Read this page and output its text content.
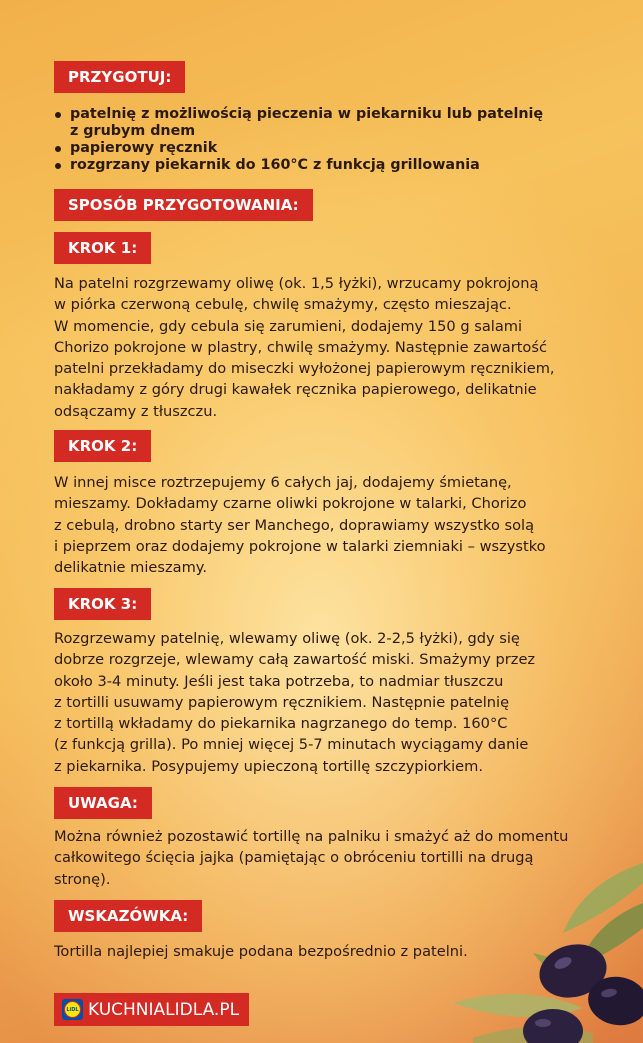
PRZYGOTUJ:
patelnię z możliwością pieczenia w piekarniku lub patelnię z grubym dnem
papierowy ręcznik
rozgrzany piekarnik do 160°C z funkcją grillowania
SPOSÓB PRZYGOTOWANIA:
KROK 1:
Na patelni rozgrzewamy oliwę (ok. 1,5 łyżki), wrzucamy pokrojoną
w piórka czerwoną cebulę, chwilę smażymy, często mieszając.
W momencie, gdy cebula się zarumieni, dodajemy 150 g salami
Chorizo pokrojone w plastry, chwilę smażymy. Następnie zawartość
patelni przekładamy do miseczki wyłożonej papierowym ręcznikiem,
nakładamy z góry drugi kawałek ręcznika papierowego, delikatnie
odsączamy z tłuszczu.
KROK 2:
W innej misce roztrzepujemy 6 całych jaj, dodajemy śmietanę,
mieszamy. Dokładamy czarne oliwki pokrojone w talarki, Chorizo
z cebulą, drobno starty ser Manchego, doprawiamy wszystko solą
i pieprzem oraz dodajemy pokrojone w talarki ziemniaki – wszystko
delikatnie mieszamy.
KROK 3:
Rozgrzewamy patelnię, wlewamy oliwę (ok. 2-2,5 łyżki), gdy się
dobrze rozgrzeje, wlewamy całą zawartość miski. Smażymy przez
około 3-4 minuty. Jeśli jest taka potrzeba, to nadmiar tłuszczu
z tortilli usuwamy papierowym ręcznikiem. Następnie patelnię
z tortillą wkładamy do piekarnika nagrzanego do temp. 160°C
(z funkcją grilla). Po mniej więcej 5-7 minutach wyciągamy danie
z piekarnika. Posypujemy upieczoną tortillę szczypiorkiem.
UWAGA:
Można również pozostawić tortillę na palniku i smażyć aż do momentu
całkowitego ścięcia jajka (pamiętając o obróceniu tortilli na drugą
stronę).
WSKAZÓWKA:
Tortilla najlepiej smakuje podana bezpośrednio z patelni.
LiDL KUCHNIALIDLA.PL
